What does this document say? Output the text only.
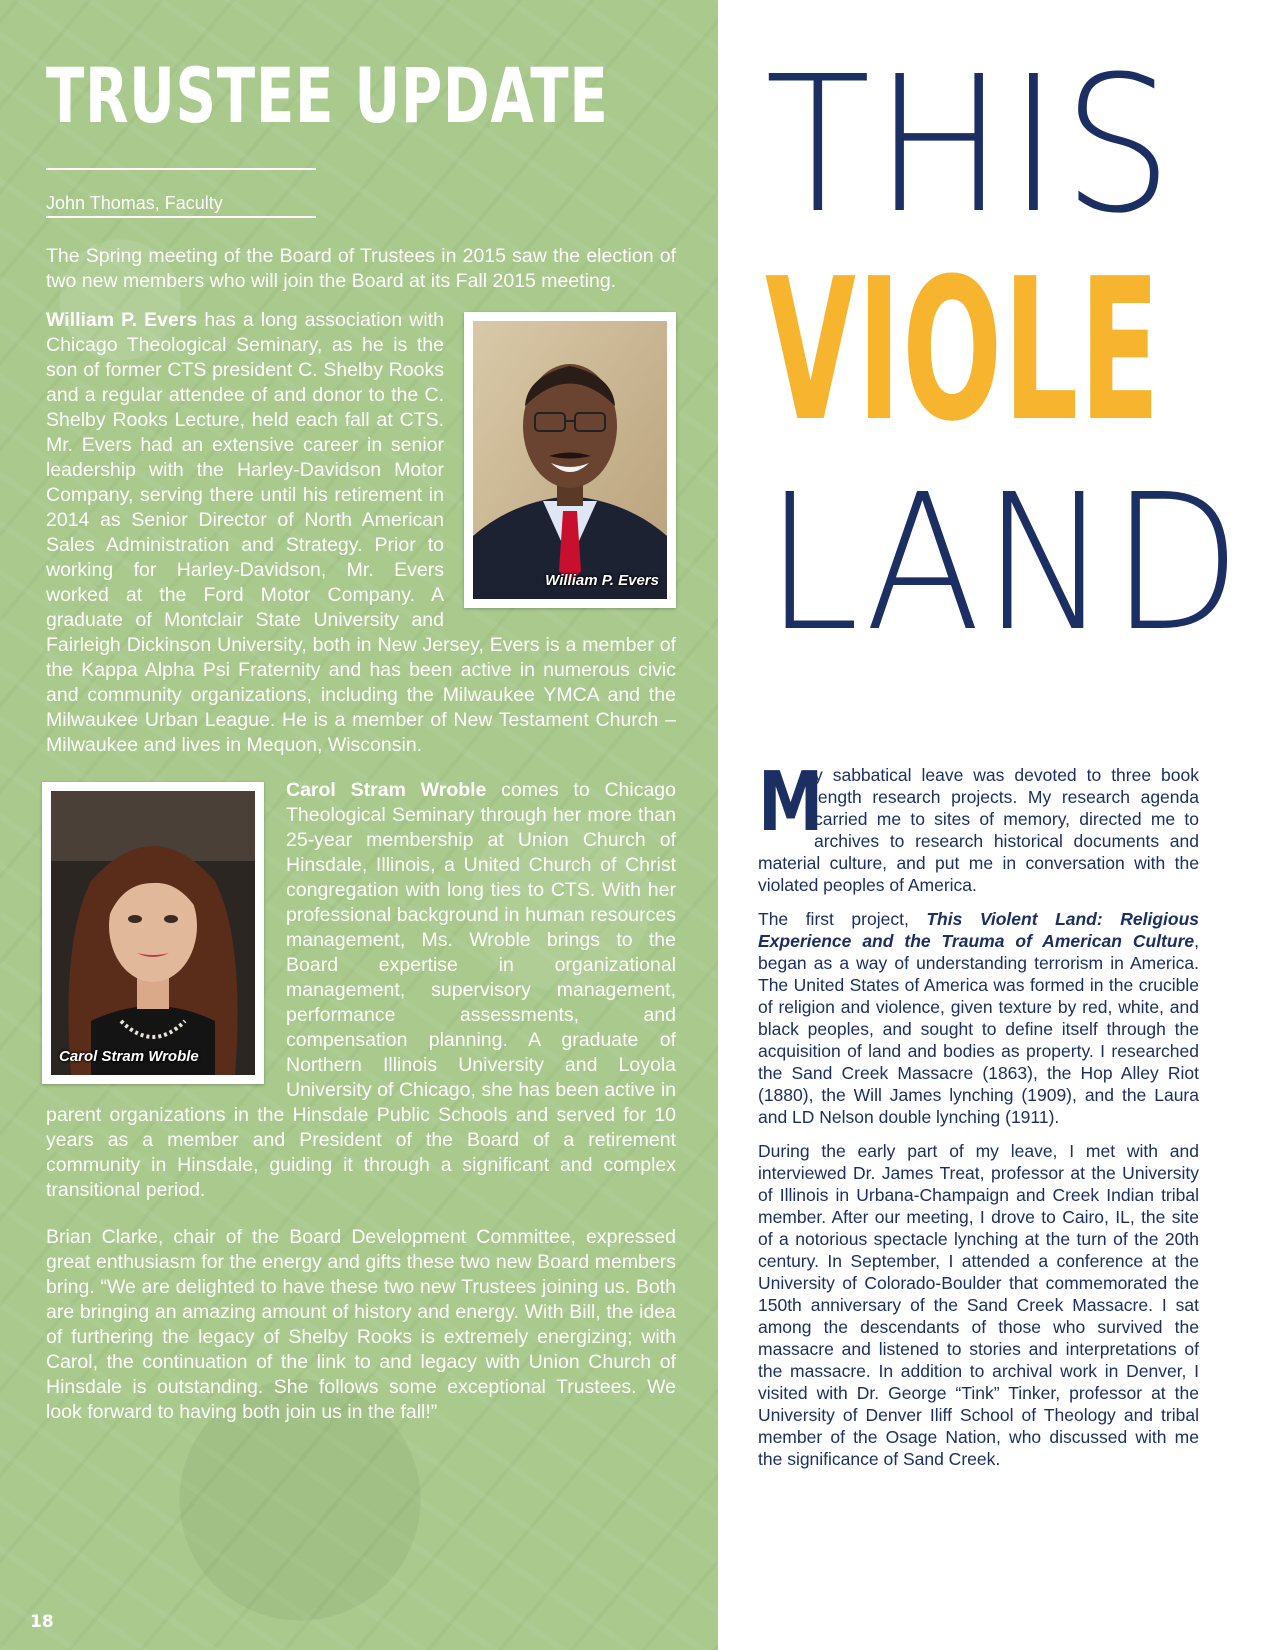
TRUSTEE UPDATE
John Thomas, Faculty

The Spring meeting of the Board of Trustees in 2015 saw the election of two new members who will join the Board at its Fall 2015 meeting.

William P. Evers
William P. Evers has a long association with Chicago Theological Seminary, as he is the son of former CTS president C. Shelby Rooks and a regular attendee of and donor to the C. Shelby Rooks Lecture, held each fall at CTS. Mr. Evers had an extensive career in senior leadership with the Harley-Davidson Motor Company, serving there until his retirement in 2014 as Senior Director of North American Sales Administration and Strategy. Prior to working for Harley-Davidson, Mr. Evers worked at the Ford Motor Company. A graduate of Montclair State University and Fairleigh Dickinson University, both in New Jersey, Evers is a member of the Kappa Alpha Psi Fraternity and has been active in numerous civic and community organizations, including the Milwaukee YMCA and the Milwaukee Urban League. He is a member of New Testament Church – Milwaukee and lives in Mequon, Wisconsin.

Carol Stram Wroble
Carol Stram Wroble comes to Chicago Theological Seminary through her more than 25-year membership at Union Church of Hinsdale, Illinois, a United Church of Christ congregation with long ties to CTS. With her professional background in human resources management, Ms. Wroble brings to the Board expertise in organizational management, supervisory management, performance assessments, and compensation planning. A graduate of Northern Illinois University and Loyola University of Chicago, she has been active in parent organizations in the Hinsdale Public Schools and served for 10 years as a member and President of the Board of a retirement community in Hinsdale, guiding it through a significant and complex transitional period.

Brian Clarke, chair of the Board Development Committee, expressed great enthusiasm for the energy and gifts these two new Board members bring. “We are delighted to have these two new Trustees joining us. Both are bringing an amazing amount of history and energy. With Bill, the idea of furthering the legacy of Shelby Rooks is extremely energizing; with Carol, the continuation of the link to and legacy with Union Church of Hinsdale is outstanding. She follows some exceptional Trustees. We look forward to having both join us in the fall!”

18
THIS
VIOLE
LAND

M
y sabbatical leave was devoted to three book length research projects. My research agenda carried me to sites of memory, directed me to archives to research historical documents and material culture, and put me in conversation with the violated peoples of America.

The first project, This Violent Land: Religious Experience and the Trauma of American Culture, began as a way of understanding terrorism in America. The United States of America was formed in the crucible of religion and violence, given texture by red, white, and black peoples, and sought to define itself through the acquisition of land and bodies as property. I researched the Sand Creek Massacre (1863), the Hop Alley Riot (1880), the Will James lynching (1909), and the Laura and LD Nelson double lynching (1911).

During the early part of my leave, I met with and interviewed Dr. James Treat, professor at the University of Illinois in Urbana-Champaign and Creek Indian tribal member. After our meeting, I drove to Cairo, IL, the site of a notorious spectacle lynching at the turn of the 20th century. In September, I attended a conference at the University of Colorado-Boulder that commemorated the 150th anniversary of the Sand Creek Massacre. I sat among the descendants of those who survived the massacre and listened to stories and interpretations of the massacre. In addition to archival work in Denver, I visited with Dr. George “Tink” Tinker, professor at the University of Denver Iliff School of Theology and tribal member of the Osage Nation, who discussed with me the significance of Sand Creek.
